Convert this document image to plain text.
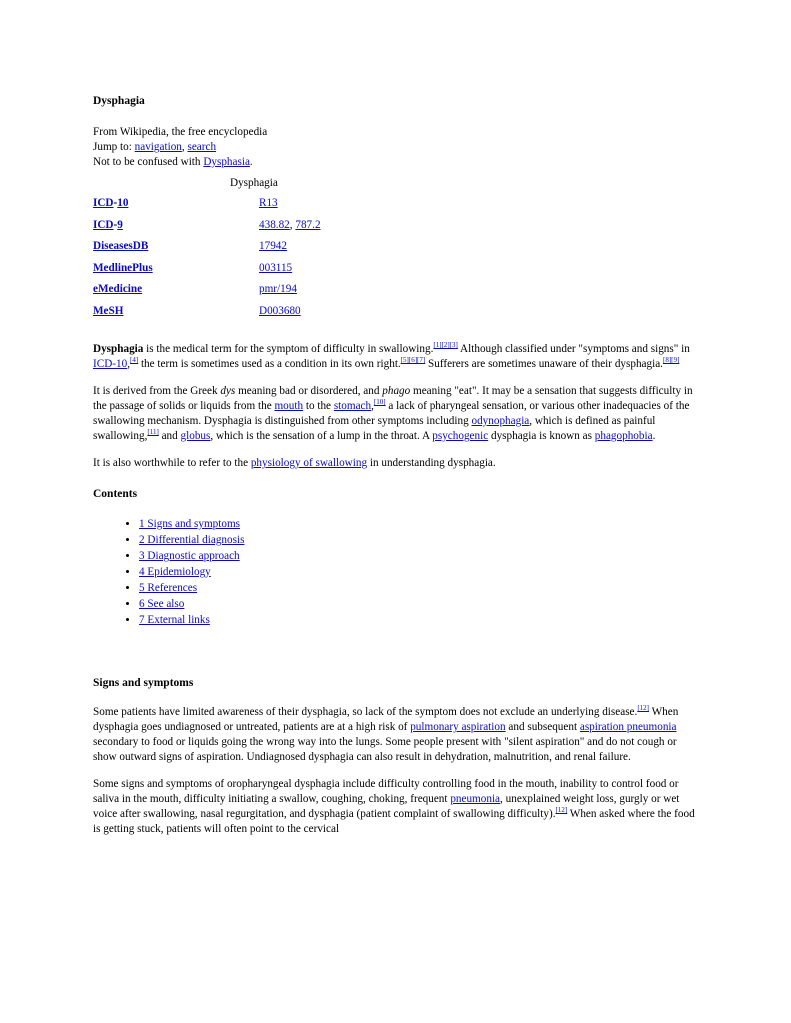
Dysphagia
From Wikipedia, the free encyclopedia
Jump to: navigation, search
Not to be confused with Dysphasia.
Dysphagia
ICD-10	R13
ICD-9	438.82, 787.2
DiseasesDB	17942
MedlinePlus	003115
eMedicine	pmr/194
MeSH	D003680

Dysphagia is the medical term for the symptom of difficulty in swallowing.[1][2][3] Although classified under "symptoms and signs" in ICD-10,[4] the term is sometimes used as a condition in its own right.[5][6][7] Sufferers are sometimes unaware of their dysphagia.[8][9]

It is derived from the Greek dys meaning bad or disordered, and phago meaning "eat". It may be a sensation that suggests difficulty in the passage of solids or liquids from the mouth to the stomach,[10] a lack of pharyngeal sensation, or various other inadequacies of the swallowing mechanism. Dysphagia is distinguished from other symptoms including odynophagia, which is defined as painful swallowing,[11] and globus, which is the sensation of a lump in the throat. A psychogenic dysphagia is known as phagophobia.

It is also worthwhile to refer to the physiology of swallowing in understanding dysphagia.

Contents
• 1 Signs and symptoms
• 2 Differential diagnosis
• 3 Diagnostic approach
• 4 Epidemiology
• 5 References
• 6 See also
• 7 External links
Signs and symptoms

Some patients have limited awareness of their dysphagia, so lack of the symptom does not exclude an underlying disease.[12] When dysphagia goes undiagnosed or untreated, patients are at a high risk of pulmonary aspiration and subsequent aspiration pneumonia secondary to food or liquids going the wrong way into the lungs. Some people present with "silent aspiration" and do not cough or show outward signs of aspiration. Undiagnosed dysphagia can also result in dehydration, malnutrition, and renal failure.

Some signs and symptoms of oropharyngeal dysphagia include difficulty controlling food in the mouth, inability to control food or saliva in the mouth, difficulty initiating a swallow, coughing, choking, frequent pneumonia, unexplained weight loss, gurgly or wet voice after swallowing, nasal regurgitation, and dysphagia (patient complaint of swallowing difficulty).[12] When asked where the food is getting stuck, patients will often point to the cervical
